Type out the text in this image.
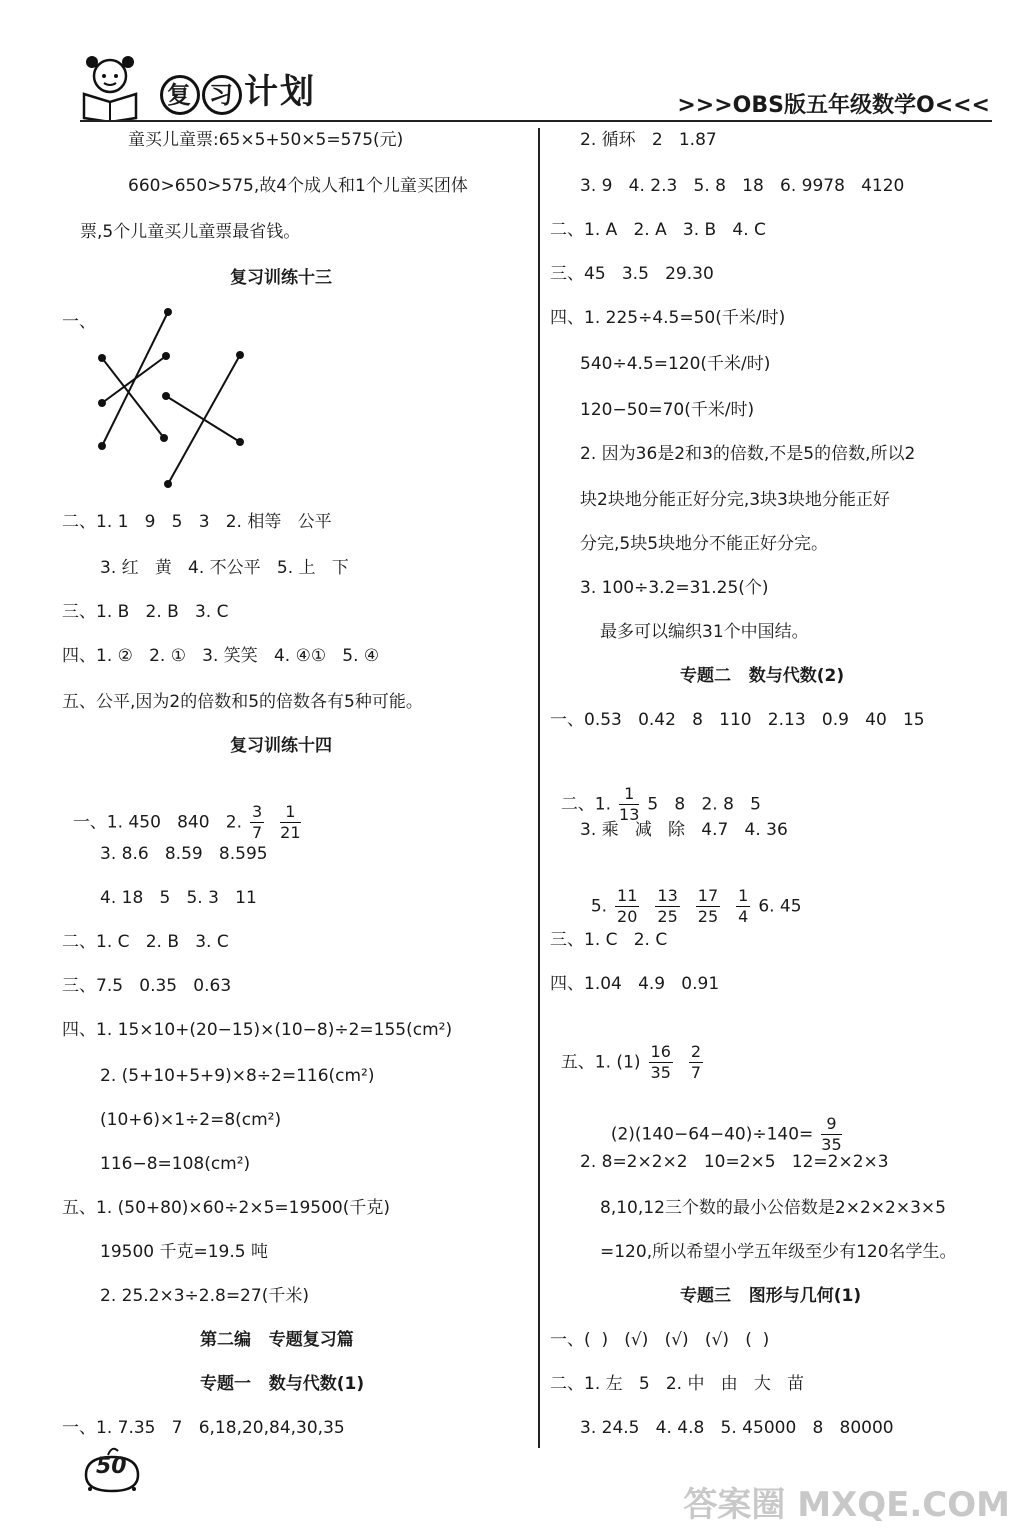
复 习 计划	>>>OBS版五年级数学O<<<
童买儿童票:65×5+50×5=575(元)
660>650>575,故4个成人和1个儿童买团体
票,5个儿童买儿童票最省钱。
复习训练十三
一、
二、1. 1   9   5   3   2. 相等   公平
3. 红   黄   4. 不公平   5. 上   下
三、1. B   2. B   3. C
四、1. ②   2. ①   3. 笑笑   4. ④①   5. ④
五、公平,因为2的倍数和5的倍数各有5种可能。
复习训练十四

一、1. 450   840   2. $\frac{3}{7} \frac{1}{21}$

3. 8.6   8.59   8.595
4. 18   5   5. 3   11
二、1. C   2. B   3. C
三、7.5   0.35   0.63
四、1. 15×10+(20−15)×(10−8)÷2=155(cm²)
2. (5+10+5+9)×8÷2=116(cm²)
(10+6)×1÷2=8(cm²)
116−8=108(cm²)
五、1. (50+80)×60÷2×5=19500(千克)
19500 千克=19.5 吨
2. 25.2×3÷2.8=27(千米)
第二编   专题复习篇
专题一   数与代数(1)
一、1. 7.35   7   6,18,20,84,30,35
2. 循环   2   1.87
3. 9   4. 2.3   5. 8   18   6. 9978   4120
二、1. A   2. A   3. B   4. C
三、45   3.5   29.30
四、1. 225÷4.5=50(千米/时)
540÷4.5=120(千米/时)
120−50=70(千米/时)
2. 因为36是2和3的倍数,不是5的倍数,所以2
块2块地分能正好分完,3块3块地分能正好
分完,5块5块地分不能正好分完。
3. 100÷3.2=31.25(个)
最多可以编织31个中国结。
专题二   数与代数(2)
一、0.53   0.42   8   110   2.13   0.9   40   15

二、1. $\frac{1}{13} 5$   8   2. 8   5

3. 乘   减   除   4.7   4. 36

5. $\frac{11}{20} \frac{13}{25} \frac{17}{25} \frac{1}{4} 6$. 45

三、1. C   2. C
四、1.04   4.9   0.91

五、1. $(1) \frac{16}{35} \frac{2}{7}$

$(2)(140-64-40)\div 140= \frac{9}{35}$

2. 8=2×2×2   10=2×5   12=2×2×3
8,10,12三个数的最小公倍数是2×2×2×3×5
=120,所以希望小学五年级至少有120名学生。
专题三   图形与几何(1)
一、(  )   (√)   (√)   (√)   (  )
二、1. 左   5   2. 中   由   大   苗
3. 24.5   4. 4.8   5. 45000   8   80000
50
答案圈 MXQE.COM
